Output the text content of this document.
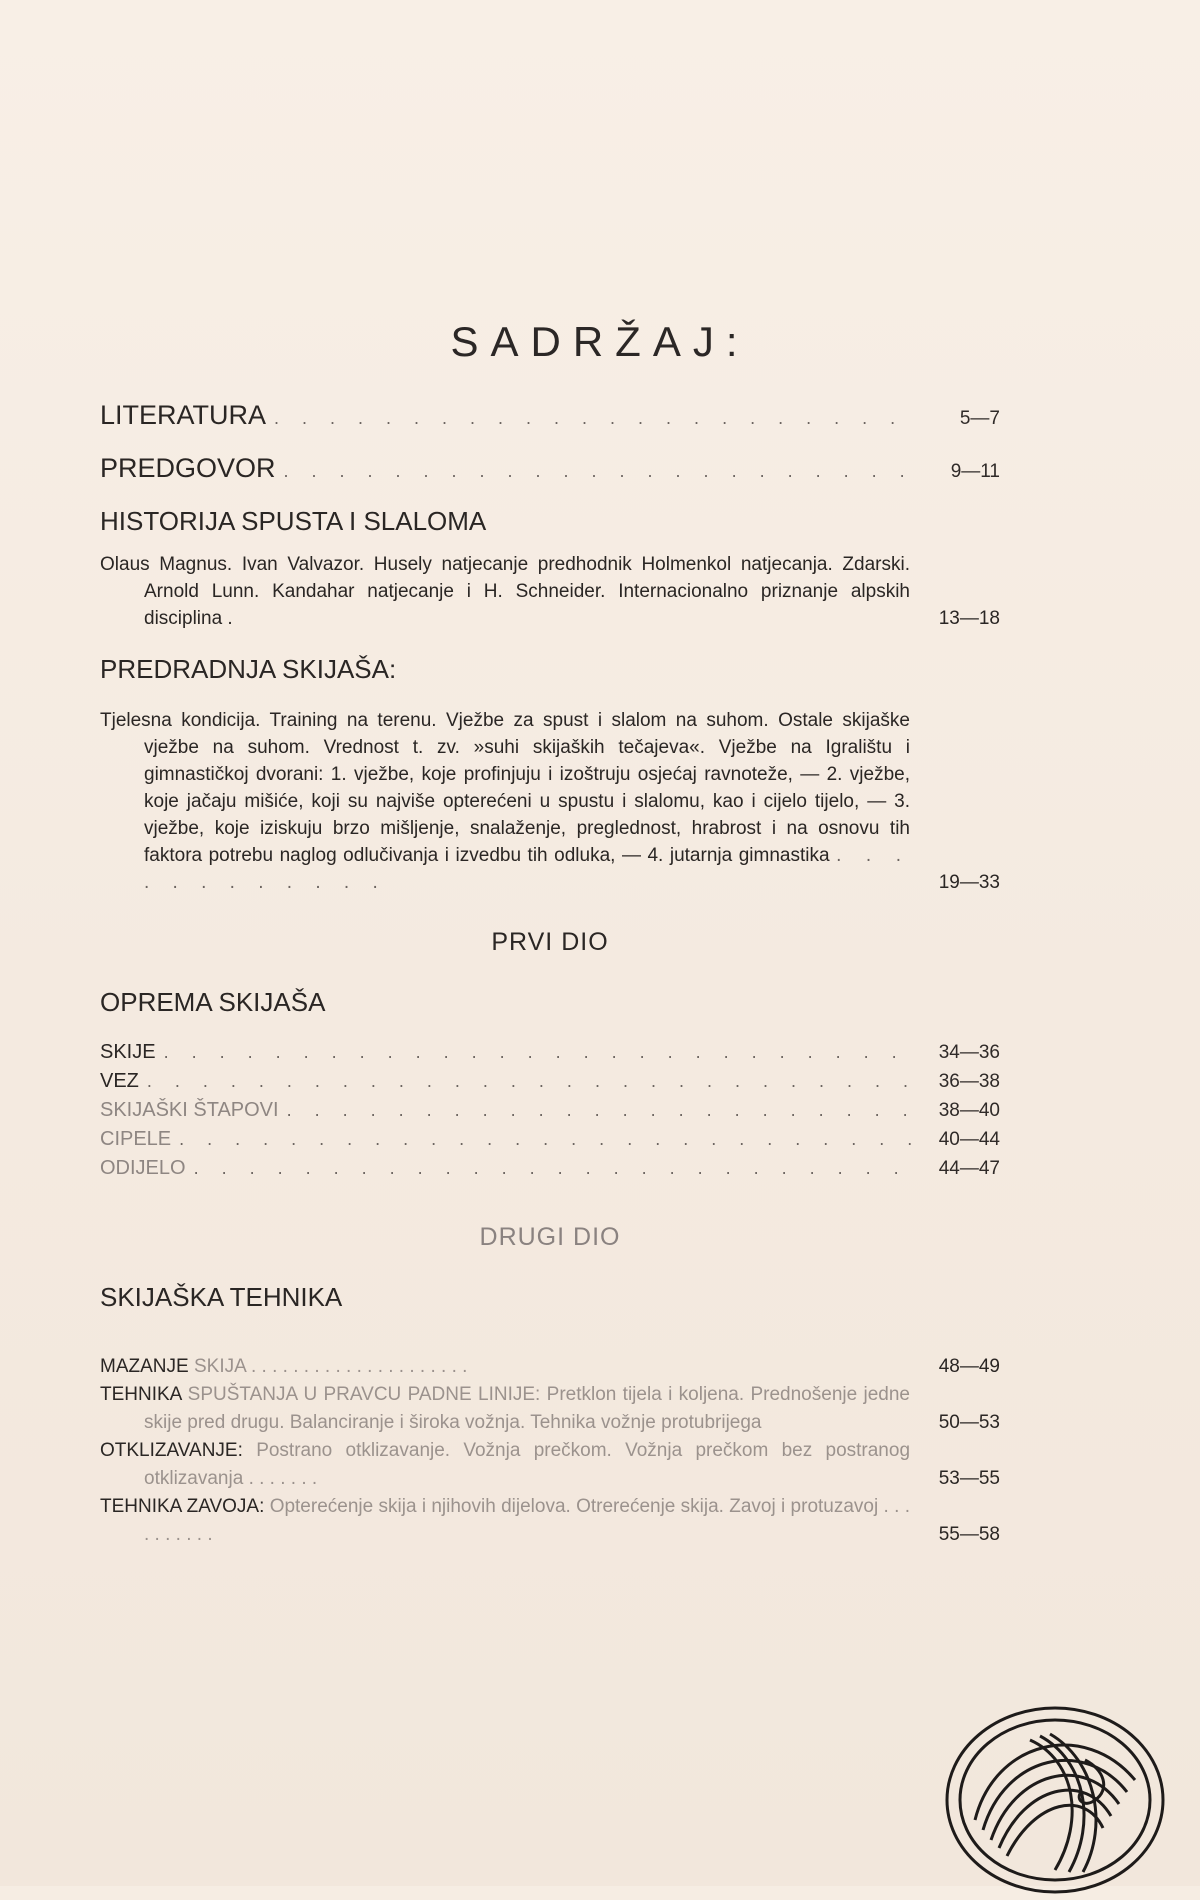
SADRŽAJ:
LITERATURA . . .	5—7
PREDGOVOR . . .	9—11
HISTORIJA SPUSTA I SLALOMA
Olaus Magnus. Ivan Valvazor. Husely natjecanje predhodnik Holmenkol natjecanja. Zdarski. Arnold Lunn. Kandahar natjecanje i H. Schneider. Internacionalno priznanje alpskih disciplina .	13—18
PREDRADNJA SKIJAŠA:
Tjelesna kondicija. Training na terenu. Vježbe za spust i slalom na suhom. Ostale skijaške vježbe na suhom. Vrednost t. zv. »suhi skijaških tečajeva«. Vježbe na Igralištu i gimnastičkoj dvorani: 1. vježbe, koje profinjuju i izoštruju osjećaj ravnoteže, — 2. vježbe, koje jačaju mišiće, koji su najviše opterećeni u spustu i slalomu, kao i cijelo tijelo, — 3. vježbe, koje iziskuju brzo mišljenje, snalaženje, preglednost, hrabrost i na osnovu tih faktora potrebu naglog odlučivanja i izvedbu tih odluka, — 4. jutarnja gimnastika . . . . . . . . . . . .	19—33
PRVI DIO
OPREMA SKIJAŠA
SKIJE . . .	34—36
VEZ . . .	36—38
SKIJAŠKI ŠTAPOVI . . .	38—40
CIPELE . . .	40—44
ODIJELO . . .	44—47
DRUGI DIO
SKIJAŠKA TEHNIKA
MAZANJE SKIJA . . . . . . . . . . . . . . . . . . . . .	48—49
TEHNIKA SPUŠTANJA U PRAVCU PADNE LINIJE: Pretklon tijela i koljena. Prednošenje jedne skije pred drugu. Balanciranje i široka vožnja. Tehnika vožnje protubrijega	50—53
OTKLIZAVANJE: Postrano otklizavanje. Vožnja prečkom. Vožnja prečkom bez postranog otklizavanja . . . . . . .	53—55
TEHNIKA ZAVOJA: Opterećenje skija i njihovih dijelova. Otrerećenje skija. Zavoj i protuzavoj . . . . . . . . . .	55—58
